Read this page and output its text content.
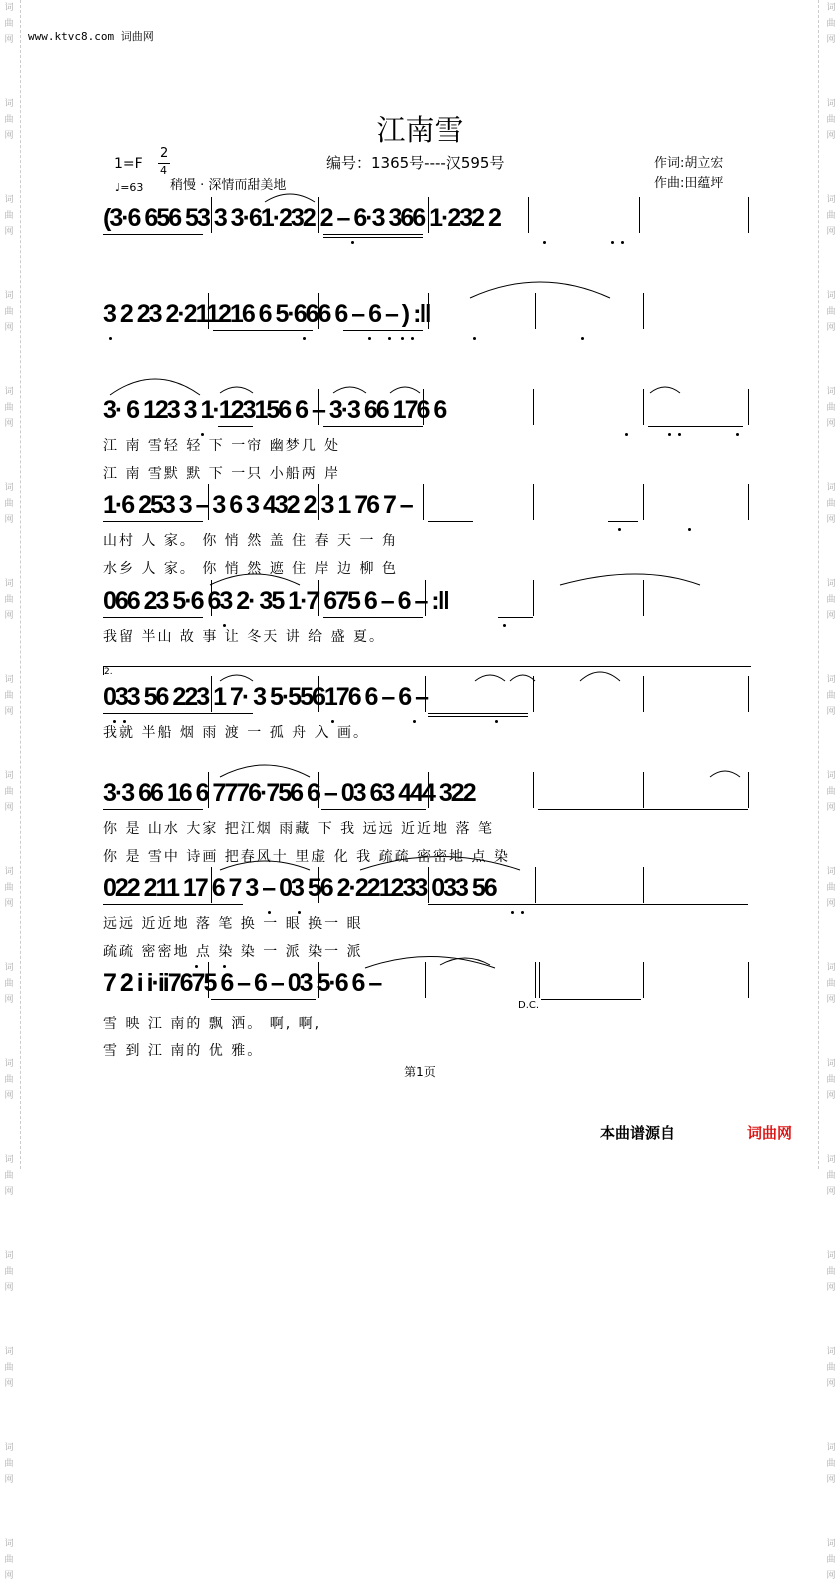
词
曲
网

词
曲
网

词
曲
网

词
曲
网

词
曲
网

词
曲
网

词
曲
网

词
曲
网

词
曲
网

词
曲
网

词
曲
网

词
曲
网

词
曲
网

词
曲
网

词
曲
网

词
曲
网

词
曲
网
词
曲
网

词
曲
网

词
曲
网

词
曲
网

词
曲
网

词
曲
网

词
曲
网

词
曲
网

词
曲
网

词
曲
网

词
曲
网

词
曲
网

词
曲
网

词
曲
网

词
曲
网

词
曲
网

词
曲
网
www.ktvc8.com 词曲网
江南雪
1=F
2
4	编号：1365号----汉595号
♩=63 稍慢 · 深情而甜美地
作词:胡立宏
作曲:田蕴坪
(3·6 656 53 3 3·61·232 2 – 6·3 366 1·232 2
3 2 23 2·211216 6 5·666 6 – 6 – ) :‖
3· 6 123 3 1·123156 6 – 3·3 66 176 6
江 南 雪轻 轻 下 一帘 幽梦几 处
江 南 雪默 默 下 一只 小船两 岸
1·6 253 3 – 3 6 3 432 2 3 1 76 7 –
山村 人 家。 你 悄 然 盖 住 春 天 一 角
水乡 人 家。 你 悄 然 遮 住 岸 边 柳 色
066 23 5·6 63 2· 35 1·7 675 6 – 6 – :‖
我留 半山 故 事 让 冬天 讲 给 盛 夏。
2.
033 56 223 1 7· 3 5·556176 6 – 6 –
我就 半船 烟 雨 渡 一 孤 舟 入 画。
3·3 66 16 6 7776·756 6 – 03 63 444 322
你 是 山水 大家 把江烟 雨藏 下 我 远远 近近地 落 笔
你 是 雪中 诗画 把春风十 里虚 化 我 疏疏 密密地 点 染
022 211 17 6 7 3 – 03 56 2·221233 033 56
远远 近近地 落 笔 换 一 眼 换一 眼
疏疏 密密地 点 染 染 一 派 染一 派
7 2 i i·ii7675 6 – 6 – 03 5·6 6 –
D.C.
雪 映 江 南的 飘 洒。 啊, 啊,
雪 到 江 南的 优 雅。
第1页
本曲谱源自	词曲网
